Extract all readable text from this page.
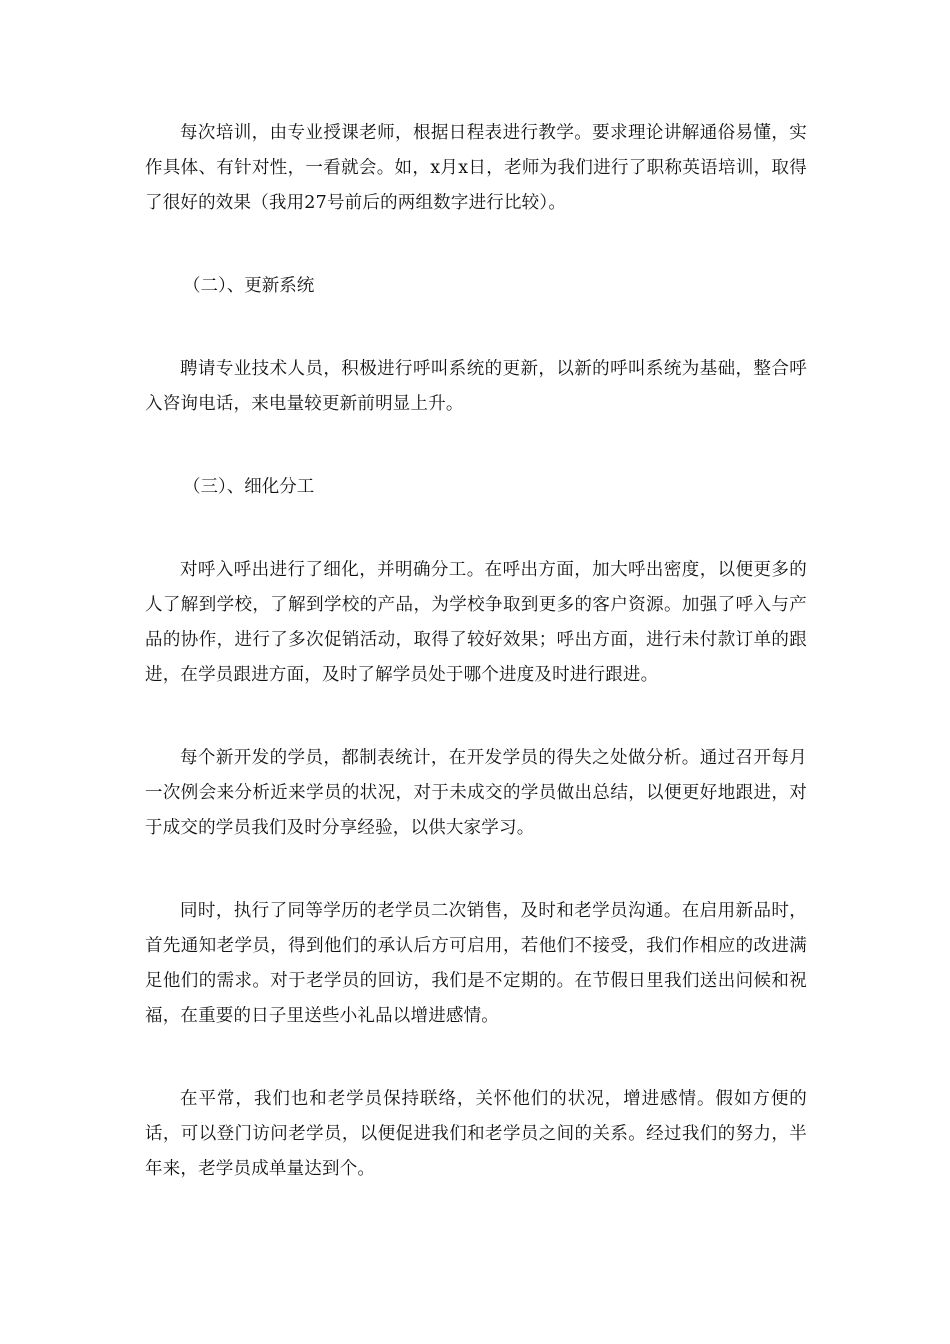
每次培训，由专业授课老师，根据日程表进行教学。要求理论讲解通俗易懂，实作具体、有针对性，一看就会。如，x月x日，老师为我们进行了职称英语培训，取得了很好的效果（我用27号前后的两组数字进行比较）。

（二）、更新系统

聘请专业技术人员，积极进行呼叫系统的更新，以新的呼叫系统为基础，整合呼入咨询电话，来电量较更新前明显上升。

（三）、细化分工

对呼入呼出进行了细化，并明确分工。在呼出方面，加大呼出密度，以便更多的人了解到学校，了解到学校的产品，为学校争取到更多的客户资源。加强了呼入与产品的协作，进行了多次促销活动，取得了较好效果；呼出方面，进行未付款订单的跟进，在学员跟进方面，及时了解学员处于哪个进度及时进行跟进。

每个新开发的学员，都制表统计，在开发学员的得失之处做分析。通过召开每月一次例会来分析近来学员的状况，对于未成交的学员做出总结，以便更好地跟进，对于成交的学员我们及时分享经验，以供大家学习。

同时，执行了同等学历的老学员二次销售，及时和老学员沟通。在启用新品时，首先通知老学员，得到他们的承认后方可启用，若他们不接受，我们作相应的改进满足他们的需求。对于老学员的回访，我们是不定期的。在节假日里我们送出问候和祝福，在重要的日子里送些小礼品以增进感情。

在平常，我们也和老学员保持联络，关怀他们的状况，增进感情。假如方便的话，可以登门访问老学员，以便促进我们和老学员之间的关系。经过我们的努力，半年来，老学员成单量达到个。
